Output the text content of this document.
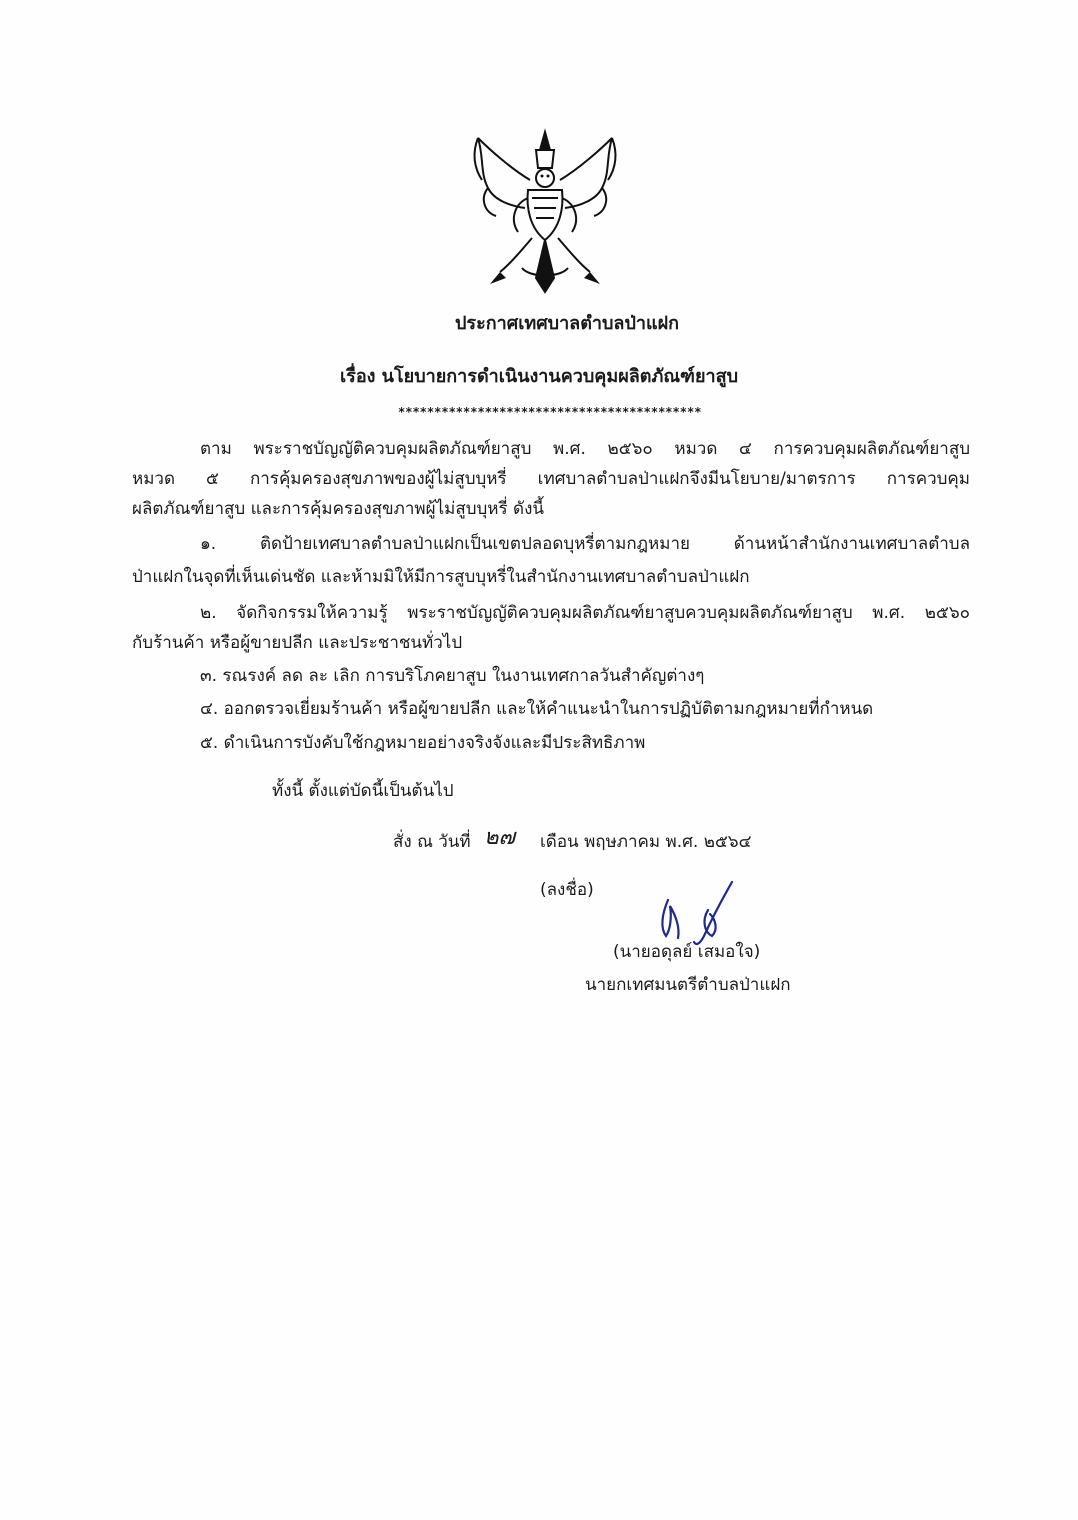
ประกาศเทศบาลตำบลป่าแฝก
เรื่อง นโยบายการดำเนินงานควบคุมผลิตภัณฑ์ยาสูบ
******************************************
ตาม พระราชบัญญัติควบคุมผลิตภัณฑ์ยาสูบ พ.ศ. ๒๕๖๐ หมวด ๔ การควบคุมผลิตภัณฑ์ยาสูบ
หมวด ๕ การคุ้มครองสุขภาพของผู้ไม่สูบบุหรี่ เทศบาลตำบลป่าแฝกจึงมีนโยบาย/มาตรการ การควบคุม
ผลิตภัณฑ์ยาสูบ และการคุ้มครองสุขภาพผู้ไม่สูบบุหรี่ ดังนี้
๑. ติดป้ายเทศบาลตำบลป่าแฝกเป็นเขตปลอดบุหรี่ตามกฎหมาย ด้านหน้าสำนักงานเทศบาลตำบล
ป่าแฝกในจุดที่เห็นเด่นชัด และห้ามมิให้มีการสูบบุหรี่ในสำนักงานเทศบาลตำบลป่าแฝก
๒. จัดกิจกรรมให้ความรู้ พระราชบัญญัติควบคุมผลิตภัณฑ์ยาสูบควบคุมผลิตภัณฑ์ยาสูบ พ.ศ. ๒๕๖๐
กับร้านค้า หรือผู้ขายปลีก และประชาชนทั่วไป
๓. รณรงค์ ลด ละ เลิก การบริโภคยาสูบ ในงานเทศกาลวันสำคัญต่างๆ
๔. ออกตรวจเยี่ยมร้านค้า หรือผู้ขายปลีก และให้คำแนะนำในการปฏิบัติตามกฎหมายที่กำหนด
๕. ดำเนินการบังคับใช้กฎหมายอย่างจริงจังและมีประสิทธิภาพ
ทั้งนี้ ตั้งแต่บัดนี้เป็นต้นไป
สั่ง ณ วันที่ ๒๗ เดือน พฤษภาคม พ.ศ. ๒๕๖๔
(ลงชื่อ)
(นายอดุลย์ เสมอใจ)
นายกเทศมนตรีตำบลป่าแฝก
